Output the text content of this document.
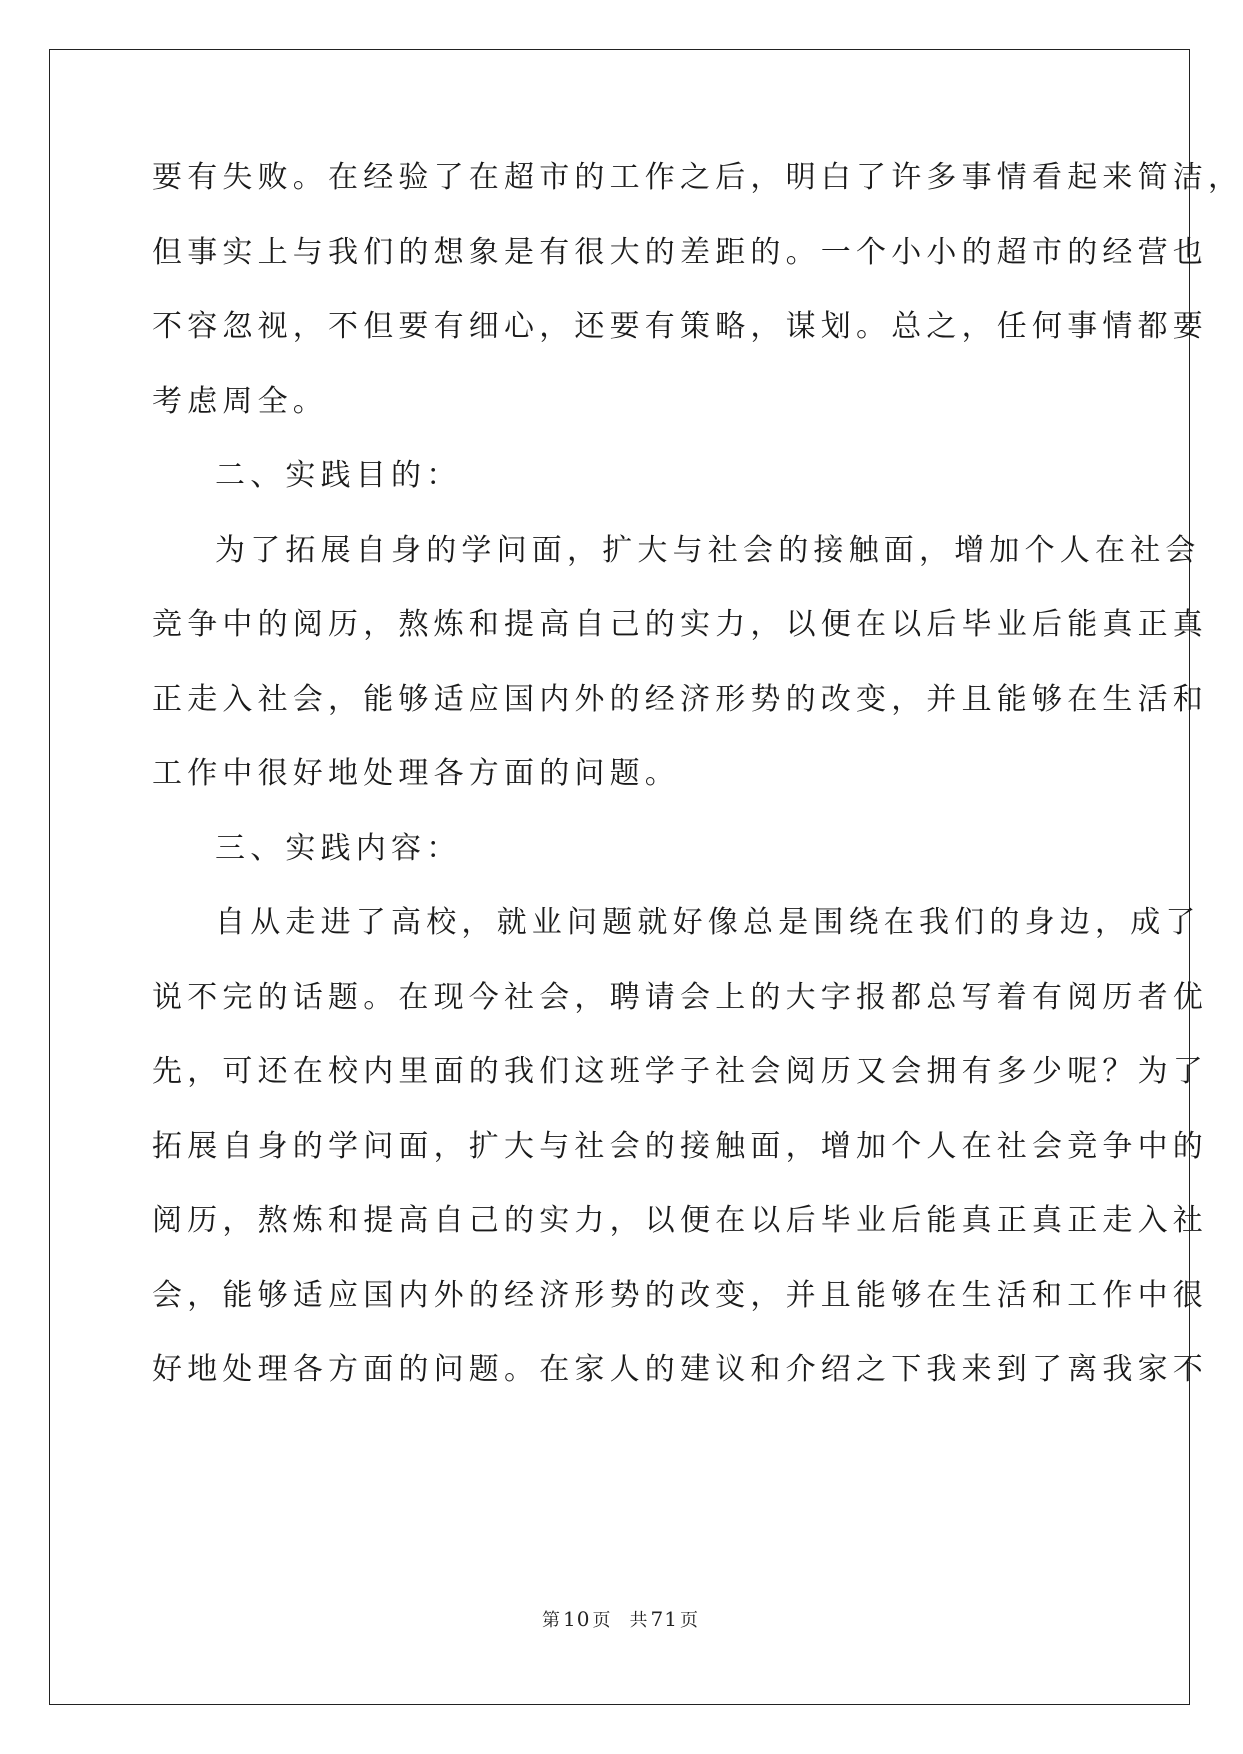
要有失败。在经验了在超市的工作之后，明白了许多事情看起来简洁，
但事实上与我们的想象是有很大的差距的。一个小小的超市的经营也
不容忽视，不但要有细心，还要有策略，谋划。总之，任何事情都要
考虑周全。
二、实践目的：
为了拓展自身的学问面，扩大与社会的接触面，增加个人在社会
竞争中的阅历，熬炼和提高自己的实力，以便在以后毕业后能真正真
正走入社会，能够适应国内外的经济形势的改变，并且能够在生活和
工作中很好地处理各方面的问题。
三、实践内容：
自从走进了高校，就业问题就好像总是围绕在我们的身边，成了
说不完的话题。在现今社会，聘请会上的大字报都总写着有阅历者优
先，可还在校内里面的我们这班学子社会阅历又会拥有多少呢？为了
拓展自身的学问面，扩大与社会的接触面，增加个人在社会竞争中的
阅历，熬炼和提高自己的实力，以便在以后毕业后能真正真正走入社
会，能够适应国内外的经济形势的改变，并且能够在生活和工作中很
好地处理各方面的问题。在家人的建议和介绍之下我来到了离我家不
第 10 页 共 71 页
